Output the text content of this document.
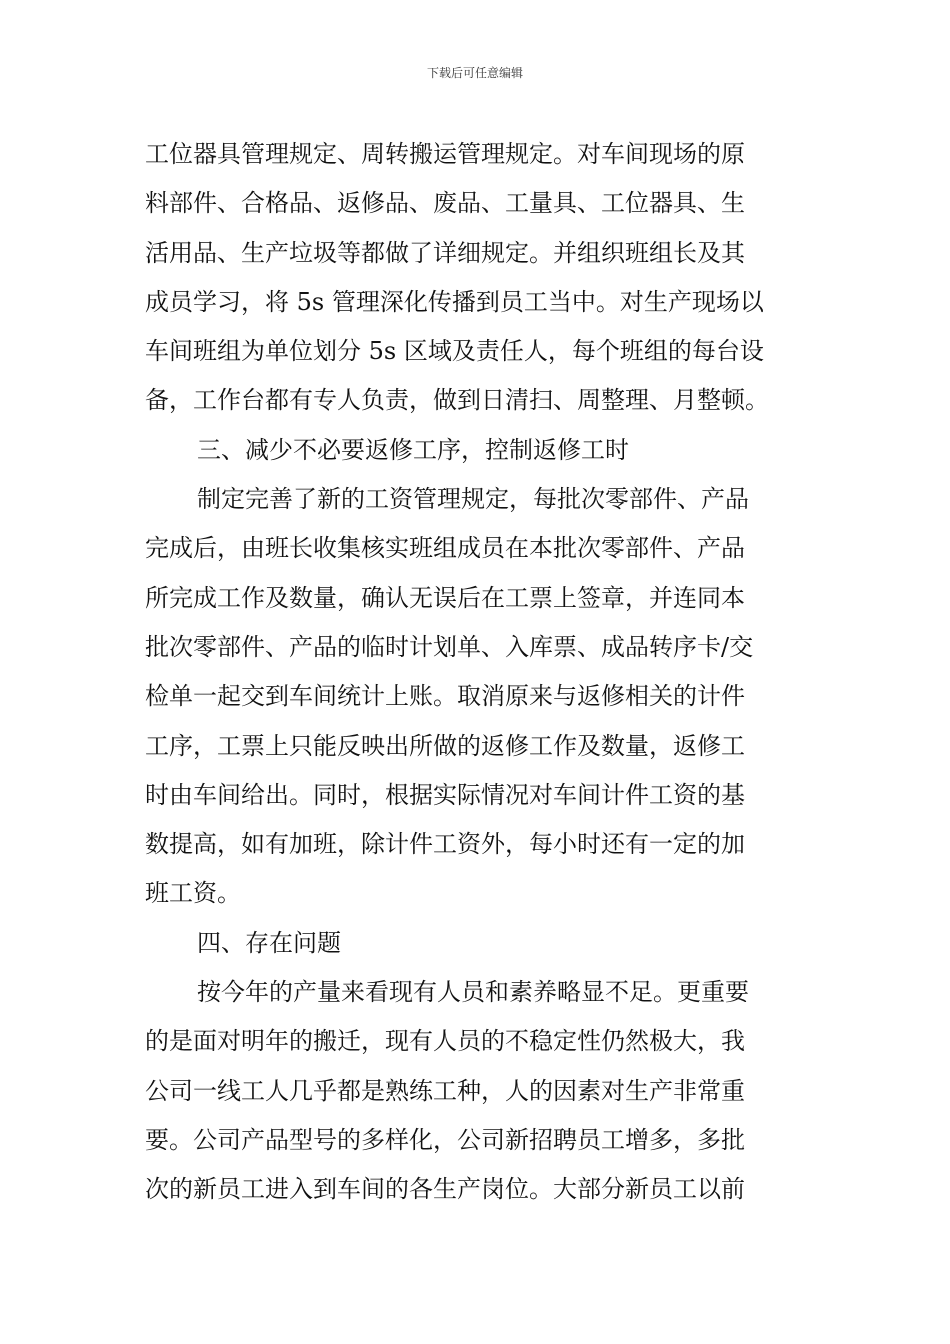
下载后可任意编辑
工位器具管理规定、周转搬运管理规定。对车间现场的原
料部件、合格品、返修品、废品、工量具、工位器具、生
活用品、生产垃圾等都做了详细规定。并组织班组长及其
成员学习，将 5s 管理深化传播到员工当中。对生产现场以
车间班组为单位划分 5s 区域及责任人，每个班组的每台设
备，工作台都有专人负责，做到日清扫、周整理、月整顿。
三、减少不必要返修工序，控制返修工时
制定完善了新的工资管理规定，每批次零部件、产品
完成后，由班长收集核实班组成员在本批次零部件、产品
所完成工作及数量，确认无误后在工票上签章，并连同本
批次零部件、产品的临时计划单、入库票、成品转序卡/交
检单一起交到车间统计上账。取消原来与返修相关的计件
工序，工票上只能反映出所做的返修工作及数量，返修工
时由车间给出。同时，根据实际情况对车间计件工资的基
数提高，如有加班，除计件工资外，每小时还有一定的加
班工资。
四、存在问题
按今年的产量来看现有人员和素养略显不足。更重要
的是面对明年的搬迁，现有人员的不稳定性仍然极大，我
公司一线工人几乎都是熟练工种，人的因素对生产非常重
要。公司产品型号的多样化，公司新招聘员工增多，多批
次的新员工进入到车间的各生产岗位。大部分新员工以前
